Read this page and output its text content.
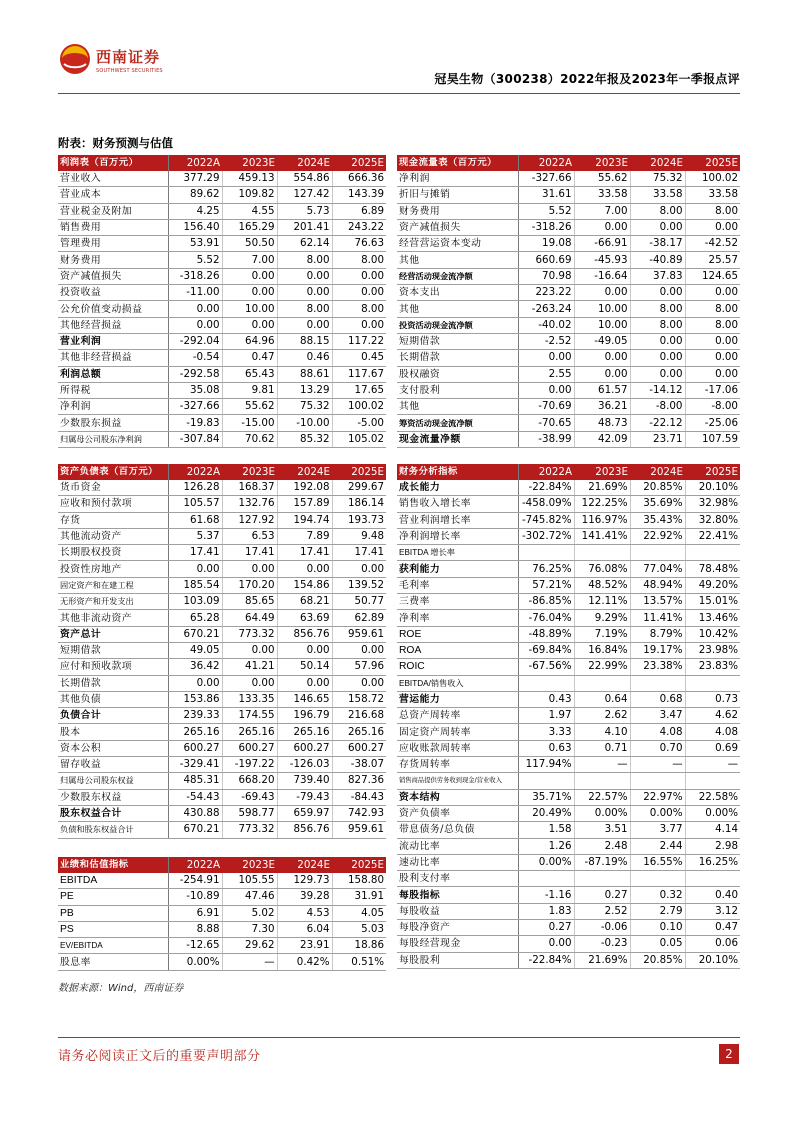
西南证券
SOUTHWEST SECURITIES
冠昊生物（300238）2022年报及2023年一季报点评
附表：财务预测与估值
利润表（百万元）	2022A	2023E	2024E	2025E
营业收入	377.29	459.13	554.86	666.36
营业成本	89.62	109.82	127.42	143.39
营业税金及附加	4.25	4.55	5.73	6.89
销售费用	156.40	165.29	201.41	243.22
管理费用	53.91	50.50	62.14	76.63
财务费用	5.52	7.00	8.00	8.00
资产减值损失	-318.26	0.00	0.00	0.00
投资收益	-11.00	0.00	0.00	0.00
公允价值变动损益	0.00	10.00	8.00	8.00
其他经营损益	0.00	0.00	0.00	0.00
营业利润	-292.04	64.96	88.15	117.22
其他非经营损益	-0.54	0.47	0.46	0.45
利润总额	-292.58	65.43	88.61	117.67
所得税	35.08	9.81	13.29	17.65
净利润	-327.66	55.62	75.32	100.02
少数股东损益	-19.83	-15.00	-10.00	-5.00
归属母公司股东净利润	-307.84	70.62	85.32	105.02
现金流量表（百万元）	2022A	2023E	2024E	2025E
净利润	-327.66	55.62	75.32	100.02
折旧与摊销	31.61	33.58	33.58	33.58
财务费用	5.52	7.00	8.00	8.00
资产减值损失	-318.26	0.00	0.00	0.00
经营营运资本变动	19.08	-66.91	-38.17	-42.52
其他	660.69	-45.93	-40.89	25.57
经营活动现金流净额	70.98	-16.64	37.83	124.65
资本支出	223.22	0.00	0.00	0.00
其他	-263.24	10.00	8.00	8.00
投资活动现金流净额	-40.02	10.00	8.00	8.00
短期借款	-2.52	-49.05	0.00	0.00
长期借款	0.00	0.00	0.00	0.00
股权融资	2.55	0.00	0.00	0.00
支付股利	0.00	61.57	-14.12	-17.06
其他	-70.69	36.21	-8.00	-8.00
筹资活动现金流净额	-70.65	48.73	-22.12	-25.06
现金流量净额	-38.99	42.09	23.71	107.59
资产负债表（百万元）	2022A	2023E	2024E	2025E
货币资金	126.28	168.37	192.08	299.67
应收和预付款项	105.57	132.76	157.89	186.14
存货	61.68	127.92	194.74	193.73
其他流动资产	5.37	6.53	7.89	9.48
长期股权投资	17.41	17.41	17.41	17.41
投资性房地产	0.00	0.00	0.00	0.00
固定资产和在建工程	185.54	170.20	154.86	139.52
无形资产和开发支出	103.09	85.65	68.21	50.77
其他非流动资产	65.28	64.49	63.69	62.89
资产总计	670.21	773.32	856.76	959.61
短期借款	49.05	0.00	0.00	0.00
应付和预收款项	36.42	41.21	50.14	57.96
长期借款	0.00	0.00	0.00	0.00
其他负债	153.86	133.35	146.65	158.72
负债合计	239.33	174.55	196.79	216.68
股本	265.16	265.16	265.16	265.16
资本公积	600.27	600.27	600.27	600.27
留存收益	-329.41	-197.22	-126.03	-38.07
归属母公司股东权益	485.31	668.20	739.40	827.36
少数股东权益	-54.43	-69.43	-79.43	-84.43
股东权益合计	430.88	598.77	659.97	742.93
负债和股东权益合计	670.21	773.32	856.76	959.61
财务分析指标	2022A	2023E	2024E	2025E
成长能力	-22.84%	21.69%	20.85%	20.10%
销售收入增长率	-458.09%	122.25%	35.69%	32.98%
营业利润增长率	-745.82%	116.97%	35.43%	32.80%
净利润增长率	-302.72%	141.41%	22.92%	22.41%
EBITDA 增长率				
获利能力	76.25%	76.08%	77.04%	78.48%
毛利率	57.21%	48.52%	48.94%	49.20%
三费率	-86.85%	12.11%	13.57%	15.01%
净利率	-76.04%	9.29%	11.41%	13.46%
ROE	-48.89%	7.19%	8.79%	10.42%
ROA	-69.84%	16.84%	19.17%	23.98%
ROIC	-67.56%	22.99%	23.38%	23.83%
EBITDA/销售收入				
营运能力	0.43	0.64	0.68	0.73
总资产周转率	1.97	2.62	3.47	4.62
固定资产周转率	3.33	4.10	4.08	4.08
应收账款周转率	0.63	0.71	0.70	0.69
存货周转率	117.94%	—	—	—
销售商品提供劳务收到现金/营业收入				
资本结构	35.71%	22.57%	22.97%	22.58%
资产负债率	20.49%	0.00%	0.00%	0.00%
带息债务/总负债	1.58	3.51	3.77	4.14
流动比率	1.26	2.48	2.44	2.98
速动比率	0.00%	-87.19%	16.55%	16.25%
股利支付率				
每股指标	-1.16	0.27	0.32	0.40
每股收益	1.83	2.52	2.79	3.12
每股净资产	0.27	-0.06	0.10	0.47
每股经营现金	0.00	-0.23	0.05	0.06
每股股利	-22.84%	21.69%	20.85%	20.10%
业绩和估值指标	2022A	2023E	2024E	2025E
EBITDA	-254.91	105.55	129.73	158.80
PE	-10.89	47.46	39.28	31.91
PB	6.91	5.02	4.53	4.05
PS	8.88	7.30	6.04	5.03
EV/EBITDA	-12.65	29.62	23.91	18.86
股息率	0.00%	—	0.42%	0.51%
数据来源：Wind，西南证券
请务必阅读正文后的重要声明部分	2
